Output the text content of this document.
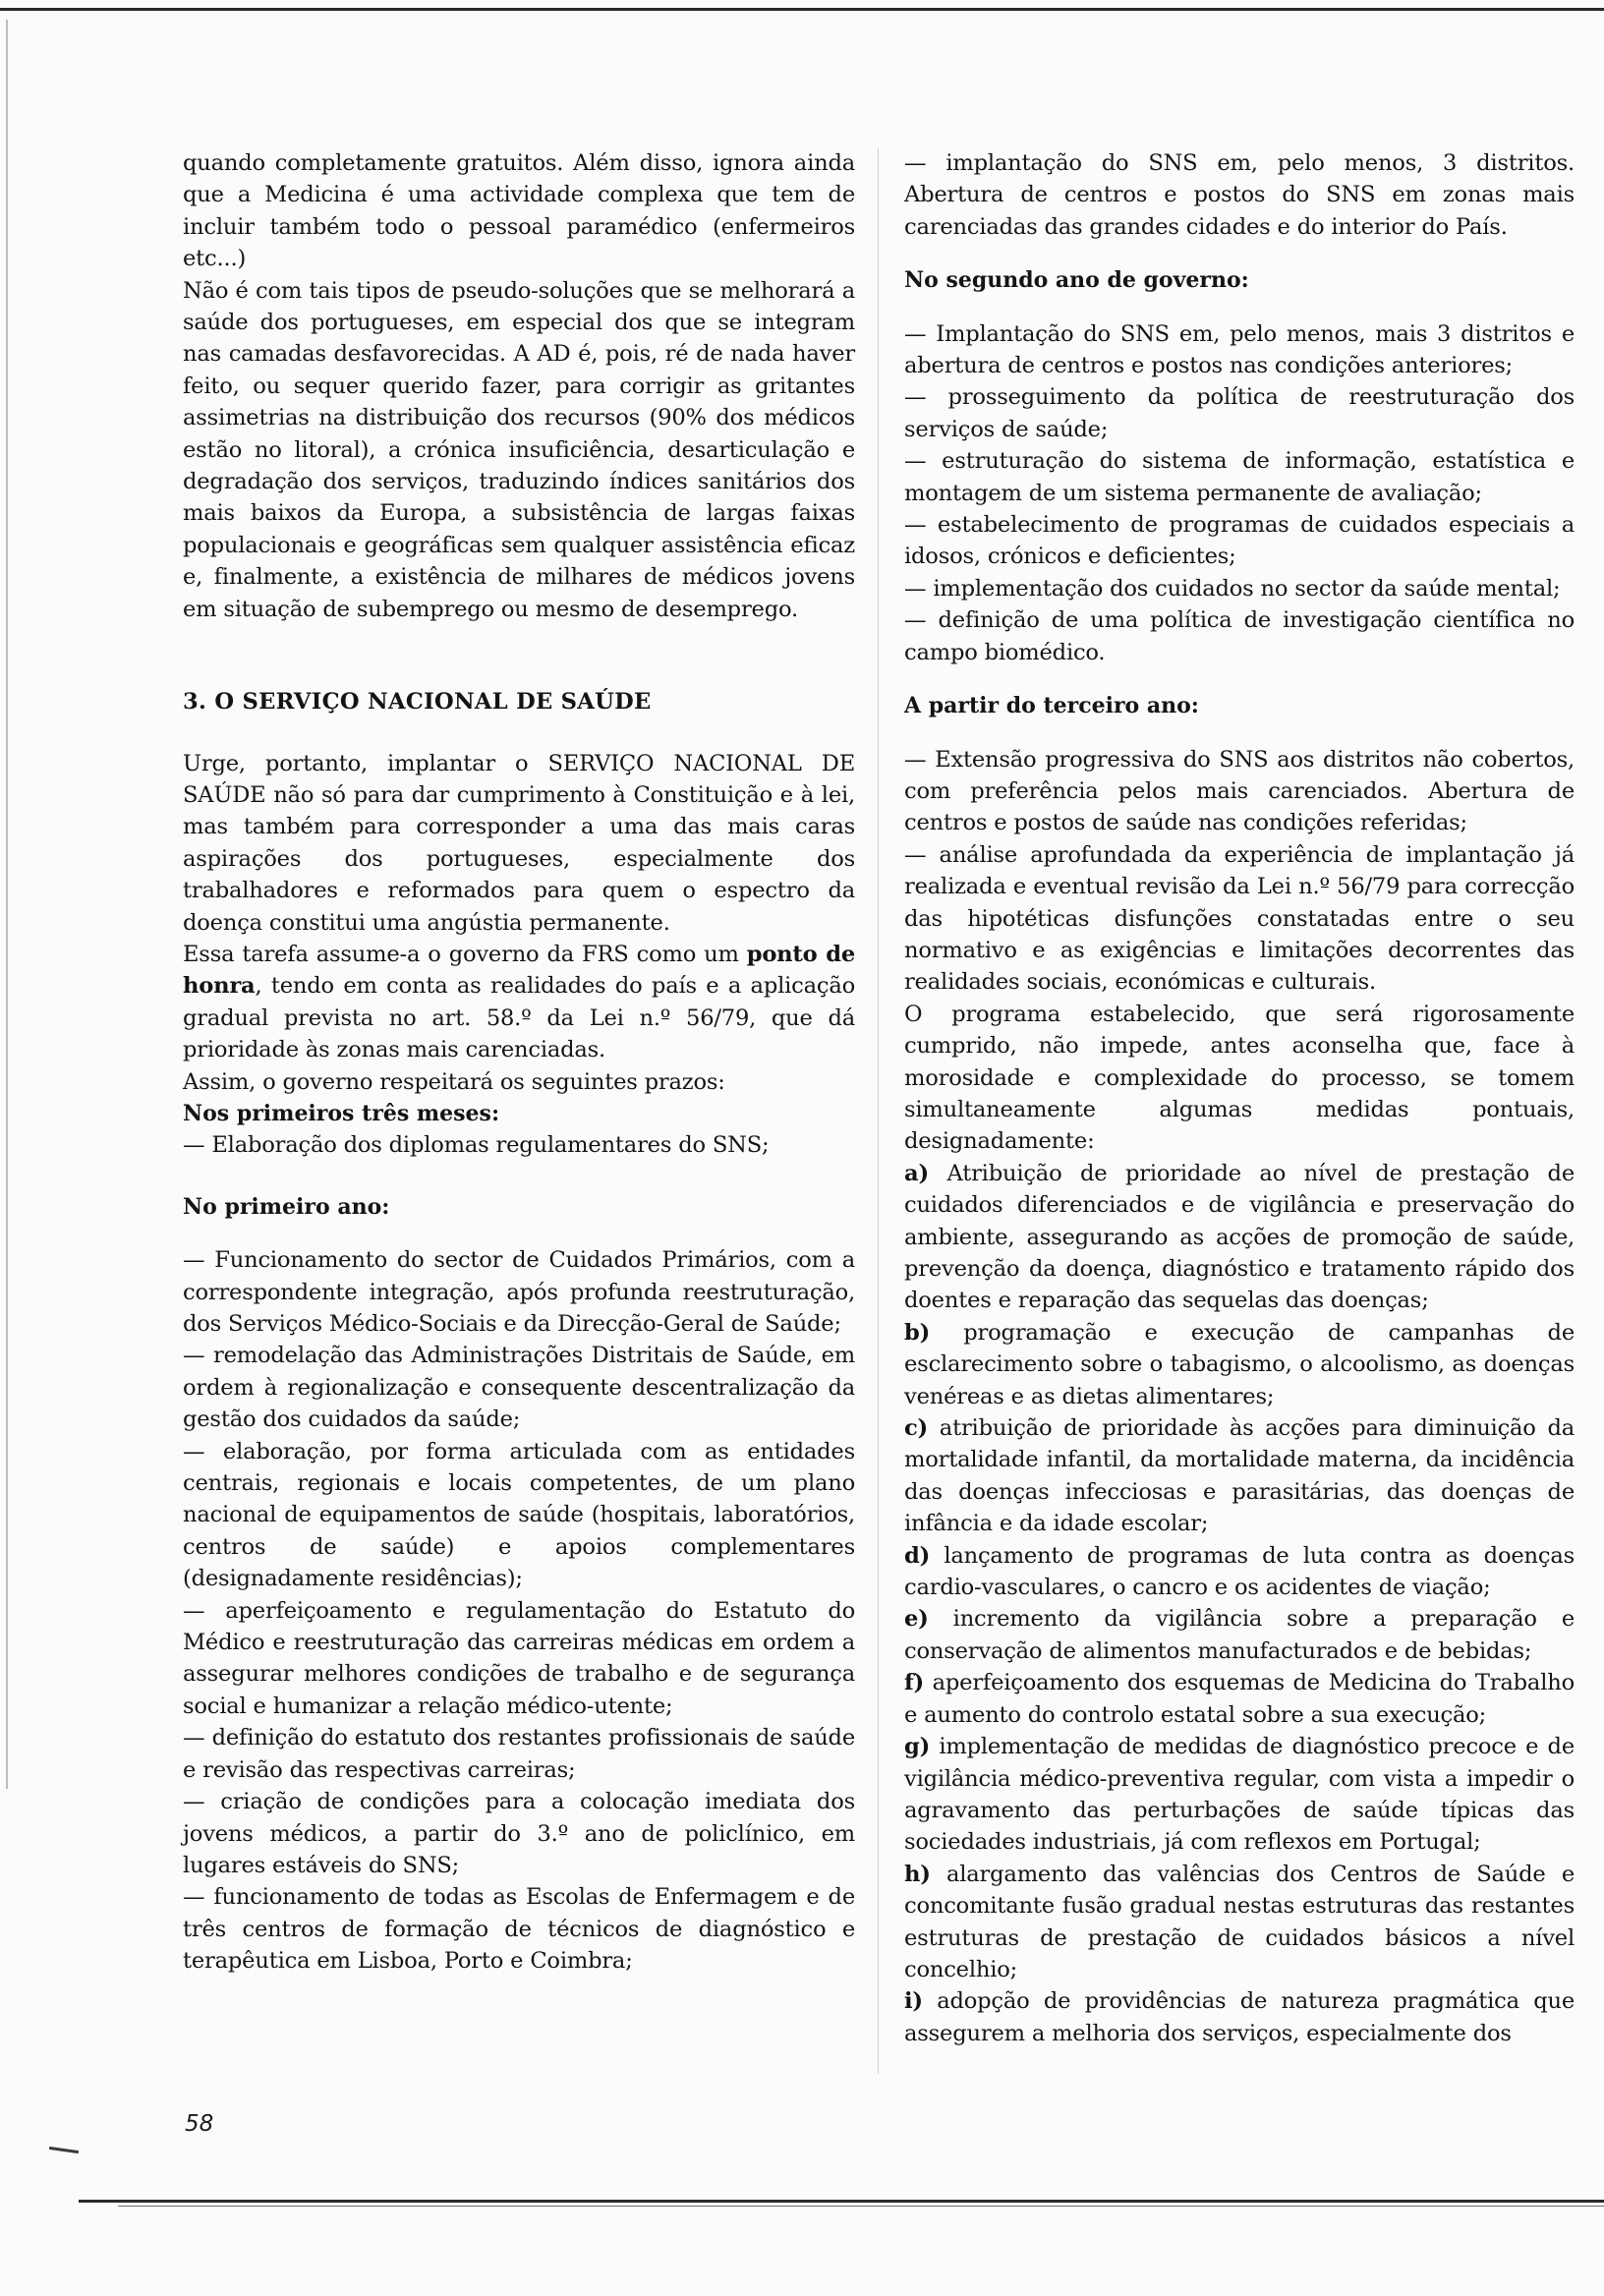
quando completamente gratuitos. Além disso, ignora ainda que a Medicina é uma actividade complexa que tem de incluir também todo o pessoal paramédico (enfermeiros etc...)

Não é com tais tipos de pseudo-soluções que se melhorará a saúde dos portugueses, em especial dos que se integram nas camadas desfavorecidas. A AD é, pois, ré de nada haver feito, ou sequer querido fazer, para corrigir as gritantes assimetrias na distribuição dos recursos (90% dos médicos estão no litoral), a crónica insuficiência, desarticulação e degradação dos serviços, traduzindo índices sanitários dos mais baixos da Europa, a subsistência de largas faixas populacionais e geográficas sem qualquer assistência eficaz e, finalmente, a existência de milhares de médicos jovens em situação de subemprego ou mesmo de desemprego.

3. O SERVIÇO NACIONAL DE SAÚDE

Urge, portanto, implantar o SERVIÇO NACIONAL DE SAÚDE não só para dar cumprimento à Constituição e à lei, mas também para corresponder a uma das mais caras aspirações dos portugueses, especialmente dos trabalhadores e reformados para quem o espectro da doença constitui uma angústia permanente.

Essa tarefa assume-a o governo da FRS como um ponto de honra, tendo em conta as realidades do país e a aplicação gradual prevista no art. 58.º da Lei n.º 56/79, que dá prioridade às zonas mais carenciadas.

Assim, o governo respeitará os seguintes prazos:

Nos primeiros três meses:

— Elaboração dos diplomas regulamentares do SNS;

No primeiro ano:

— Funcionamento do sector de Cuidados Primários, com a correspondente integração, após profunda reestruturação, dos Serviços Médico-Sociais e da Direcção-Geral de Saúde;

— remodelação das Administrações Distritais de Saúde, em ordem à regionalização e consequente descentralização da gestão dos cuidados da saúde;

— elaboração, por forma articulada com as entidades centrais, regionais e locais competentes, de um plano nacional de equipamentos de saúde (hospitais, laboratórios, centros de saúde) e apoios complementares (designadamente residências);

— aperfeiçoamento e regulamentação do Estatuto do Médico e reestruturação das carreiras médicas em ordem a assegurar melhores condições de trabalho e de segurança social e humanizar a relação médico-utente;

— definição do estatuto dos restantes profissionais de saúde e revisão das respectivas carreiras;

— criação de condições para a colocação imediata dos jovens médicos, a partir do 3.º ano de policlínico, em lugares estáveis do SNS;

— funcionamento de todas as Escolas de Enfermagem e de três centros de formação de técnicos de diagnóstico e terapêutica em Lisboa, Porto e Coimbra;

— implantação do SNS em, pelo menos, 3 distritos. Abertura de centros e postos do SNS em zonas mais carenciadas das grandes cidades e do interior do País.

No segundo ano de governo:

— Implantação do SNS em, pelo menos, mais 3 distritos e abertura de centros e postos nas condições anteriores;

— prosseguimento da política de reestruturação dos serviços de saúde;

— estruturação do sistema de informação, estatística e montagem de um sistema permanente de avaliação;

— estabelecimento de programas de cuidados especiais a idosos, crónicos e deficientes;

— implementação dos cuidados no sector da saúde mental;

— definição de uma política de investigação científica no campo biomédico.

A partir do terceiro ano:

— Extensão progressiva do SNS aos distritos não cobertos, com preferência pelos mais carenciados. Abertura de centros e postos de saúde nas condições referidas;

— análise aprofundada da experiência de implantação já realizada e eventual revisão da Lei n.º 56/79 para correcção das hipotéticas disfunções constatadas entre o seu normativo e as exigências e limitações decorrentes das realidades sociais, económicas e culturais.

O programa estabelecido, que será rigorosamente cumprido, não impede, antes aconselha que, face à morosidade e complexidade do processo, se tomem simultaneamente algumas medidas pontuais, designadamente:

a) Atribuição de prioridade ao nível de prestação de cuidados diferenciados e de vigilância e preservação do ambiente, assegurando as acções de promoção de saúde, prevenção da doença, diagnóstico e tratamento rápido dos doentes e reparação das sequelas das doenças;

b) programação e execução de campanhas de esclarecimento sobre o tabagismo, o alcoolismo, as doenças venéreas e as dietas alimentares;

c) atribuição de prioridade às acções para diminuição da mortalidade infantil, da mortalidade materna, da incidência das doenças infecciosas e parasitárias, das doenças de infância e da idade escolar;

d) lançamento de programas de luta contra as doenças cardio-vasculares, o cancro e os acidentes de viação;

e) incremento da vigilância sobre a preparação e conservação de alimentos manufacturados e de bebidas;

f) aperfeiçoamento dos esquemas de Medicina do Trabalho e aumento do controlo estatal sobre a sua execução;

g) implementação de medidas de diagnóstico precoce e de vigilância médico-preventiva regular, com vista a impedir o agravamento das perturbações de saúde típicas das sociedades industriais, já com reflexos em Portugal;

h) alargamento das valências dos Centros de Saúde e concomitante fusão gradual nestas estruturas das restantes estruturas de prestação de cuidados básicos a nível concelhio;

i) adopção de providências de natureza pragmática que assegurem a melhoria dos serviços, especialmente dos

58
